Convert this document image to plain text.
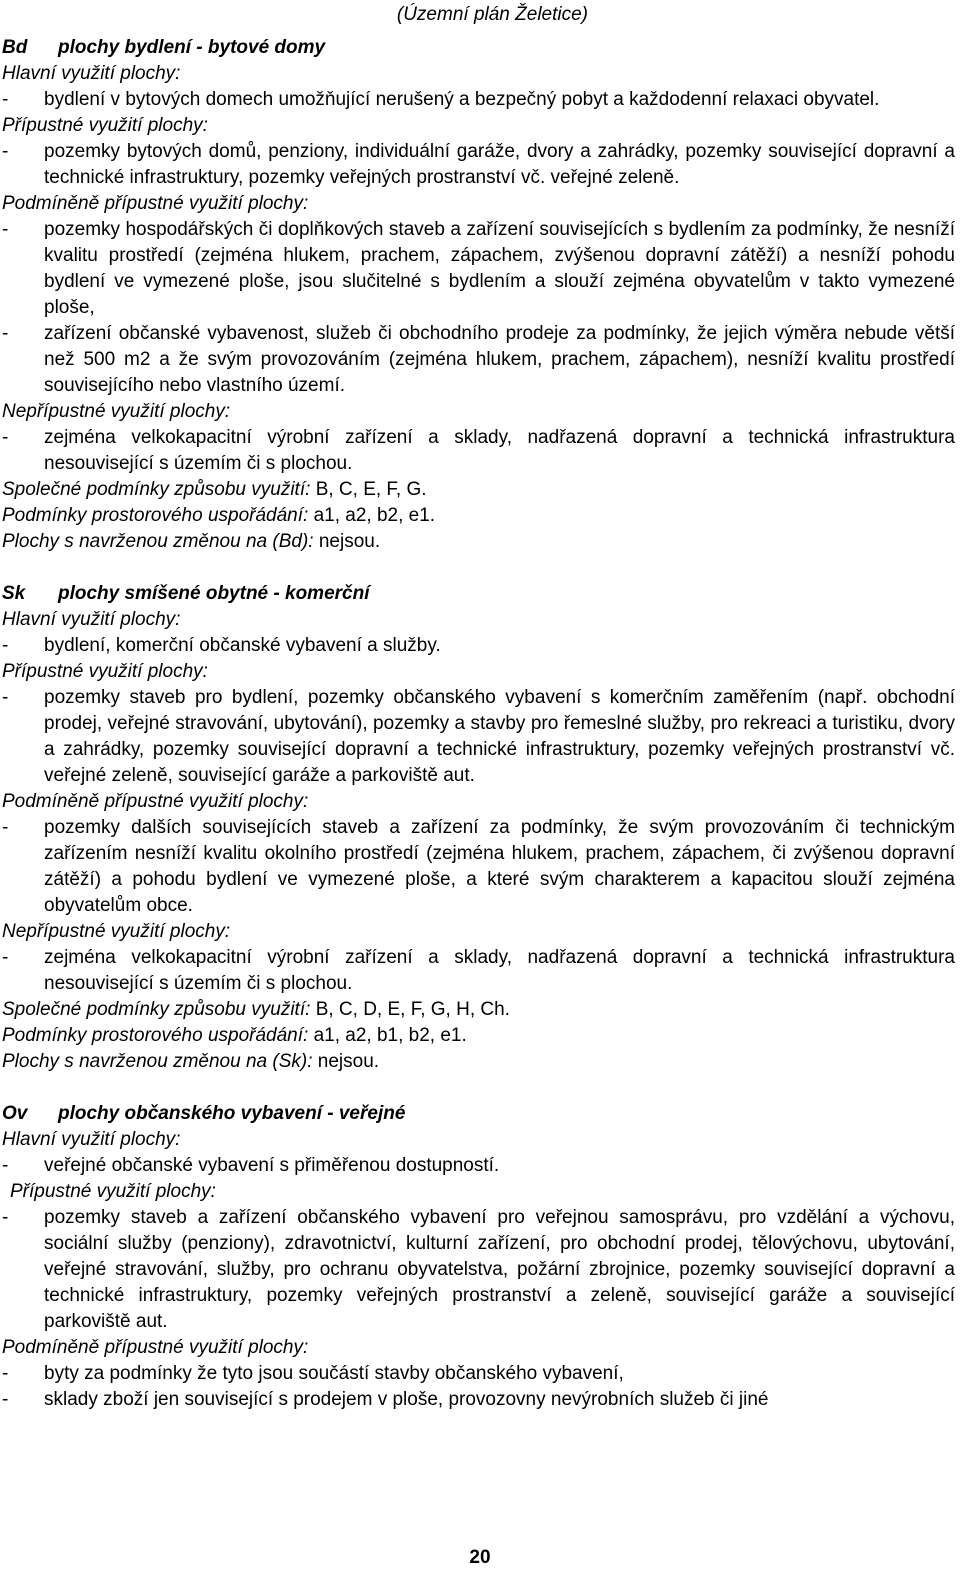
(Územní plán Želetice)

Bd plochy bydlení - bytové domy

Hlavní využití plochy:

-	bydlení v bytových domech umožňující nerušený a bezpečný pobyt a každodenní relaxaci obyvatel.

Přípustné využití plochy:

-	pozemky bytových domů, penziony, individuální garáže, dvory a zahrádky, pozemky související dopravní a technické infrastruktury, pozemky veřejných prostranství vč. veřejné zeleně.

Podmíněně přípustné využití plochy:

-	pozemky hospodářských či doplňkových staveb a zařízení souvisejících s bydlením za podmínky, že nesníží kvalitu prostředí (zejména hlukem, prachem, zápachem, zvýšenou dopravní zátěží) a nesníží pohodu bydlení ve vymezené ploše, jsou slučitelné s bydlením a slouží zejména obyvatelům v takto vymezené ploše,
-	zařízení občanské vybavenost, služeb či obchodního prodeje za podmínky, že jejich výměra nebude větší než 500 m2 a že svým provozováním (zejména hlukem, prachem, zápachem), nesníží kvalitu prostředí souvisejícího nebo vlastního území.

Nepřípustné využití plochy:

-	zejména velkokapacitní výrobní zařízení a sklady, nadřazená dopravní a technická infrastruktura nesouvisející s územím či s plochou.

Společné podmínky způsobu využití: B, C, E, F, G.

Podmínky prostorového uspořádání: a1, a2, b2, e1.

Plochy s navrženou změnou na (Bd): nejsou.

Sk plochy smíšené obytné - komerční

Hlavní využití plochy:

-	bydlení, komerční občanské vybavení a služby.

Přípustné využití plochy:

-	pozemky staveb pro bydlení, pozemky občanského vybavení s komerčním zaměřením (např. obchodní prodej, veřejné stravování, ubytování), pozemky a stavby pro řemeslné služby, pro rekreaci a turistiku, dvory a zahrádky, pozemky související dopravní a technické infrastruktury, pozemky veřejných prostranství vč. veřejné zeleně, související garáže a parkoviště aut.

Podmíněně přípustné využití plochy:

-	pozemky dalších souvisejících staveb a zařízení za podmínky, že svým provozováním či technickým zařízením nesníží kvalitu okolního prostředí (zejména hlukem, prachem, zápachem, či zvýšenou dopravní zátěží) a pohodu bydlení ve vymezené ploše, a které svým charakterem a kapacitou slouží zejména obyvatelům obce.

Nepřípustné využití plochy:

-	zejména velkokapacitní výrobní zařízení a sklady, nadřazená dopravní a technická infrastruktura nesouvisející s územím či s plochou.

Společné podmínky způsobu využití: B, C, D, E, F, G, H, Ch.

Podmínky prostorového uspořádání: a1, a2, b1, b2, e1.

Plochy s navrženou změnou na (Sk): nejsou.

Ov plochy občanského vybavení - veřejné

Hlavní využití plochy:

-	veřejné občanské vybavení s přiměřenou dostupností.

Přípustné využití plochy:

-	pozemky staveb a zařízení občanského vybavení pro veřejnou samosprávu, pro vzdělání a výchovu, sociální služby (penziony), zdravotnictví, kulturní zařízení, pro obchodní prodej, tělovýchovu, ubytování, veřejné stravování, služby, pro ochranu obyvatelstva, požární zbrojnice, pozemky související dopravní a technické infrastruktury, pozemky veřejných prostranství a zeleně, související garáže a související parkoviště aut.

Podmíněně přípustné využití plochy:

-	byty za podmínky že tyto jsou součástí stavby občanského vybavení,
-	sklady zboží jen související s prodejem v ploše, provozovny nevýrobních služeb či jiné
20
